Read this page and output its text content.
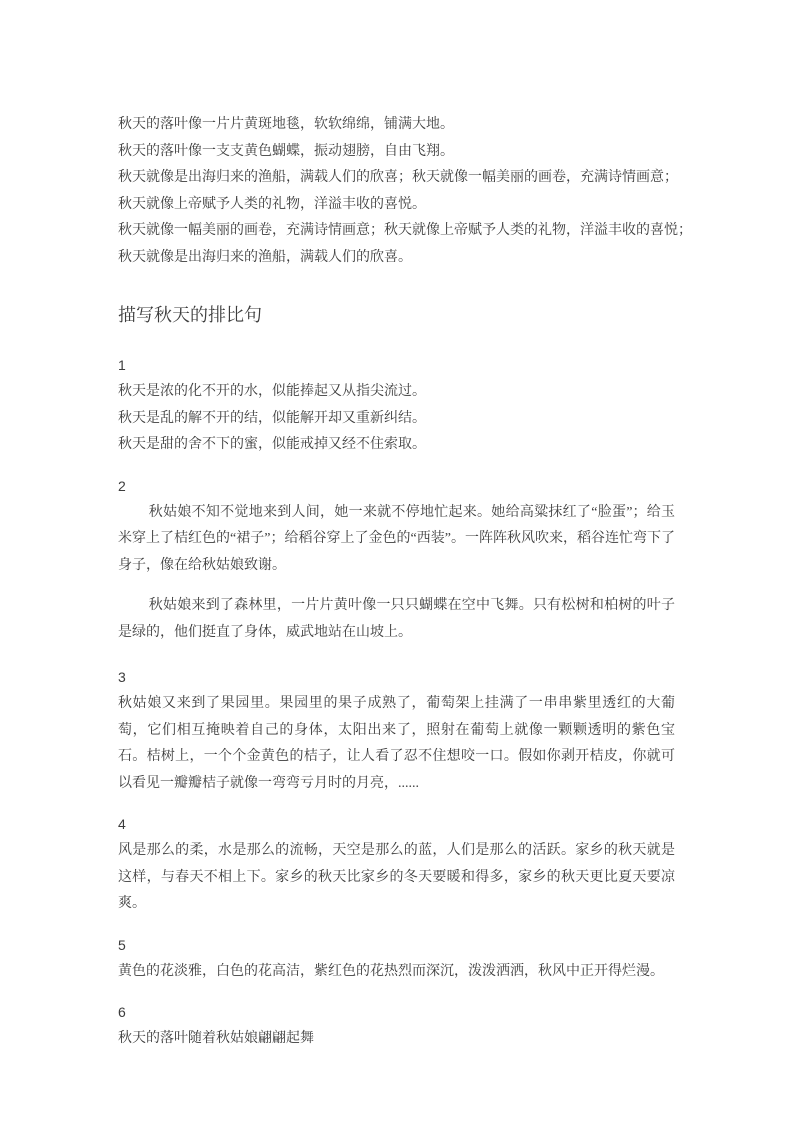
秋天的落叶像一片片黄斑地毯，软软绵绵，铺满大地。
秋天的落叶像一支支黄色蝴蝶，振动翅膀，自由飞翔。
秋天就像是出海归来的渔船，满载人们的欣喜；秋天就像一幅美丽的画卷，充满诗情画意；
秋天就像上帝赋予人类的礼物，洋溢丰收的喜悦。
秋天就像一幅美丽的画卷，充满诗情画意；秋天就像上帝赋予人类的礼物，洋溢丰收的喜悦；
秋天就像是出海归来的渔船，满载人们的欣喜。
描写秋天的排比句
1

秋天是浓的化不开的水，似能捧起又从指尖流过。

秋天是乱的解不开的结，似能解开却又重新纠结。

秋天是甜的舍不下的蜜，似能戒掉又经不住索取。

2

秋姑娘不知不觉地来到人间，她一来就不停地忙起来。她给高粱抹红了“脸蛋”；给玉米穿上了桔红色的“裙子”；给稻谷穿上了金色的“西装”。一阵阵秋风吹来，稻谷连忙弯下了身子，像在给秋姑娘致谢。

秋姑娘来到了森林里，一片片黄叶像一只只蝴蝶在空中飞舞。只有松树和柏树的叶子是绿的，他们挺直了身体，威武地站在山坡上。

3

秋姑娘又来到了果园里。果园里的果子成熟了，葡萄架上挂满了一串串紫里透红的大葡萄，它们相互掩映着自己的身体，太阳出来了，照射在葡萄上就像一颗颗透明的紫色宝石。桔树上，一个个金黄色的桔子，让人看了忍不住想咬一口。假如你剥开桔皮，你就可以看见一瓣瓣桔子就像一弯弯亏月时的月亮，......

4

风是那么的柔，水是那么的流畅，天空是那么的蓝，人们是那么的活跃。家乡的秋天就是这样，与春天不相上下。家乡的秋天比家乡的冬天要暖和得多，家乡的秋天更比夏天要凉爽。

5

黄色的花淡雅，白色的花高洁，紫红色的花热烈而深沉，泼泼洒洒，秋风中正开得烂漫。

6

秋天的落叶随着秋姑娘翩翩起舞
